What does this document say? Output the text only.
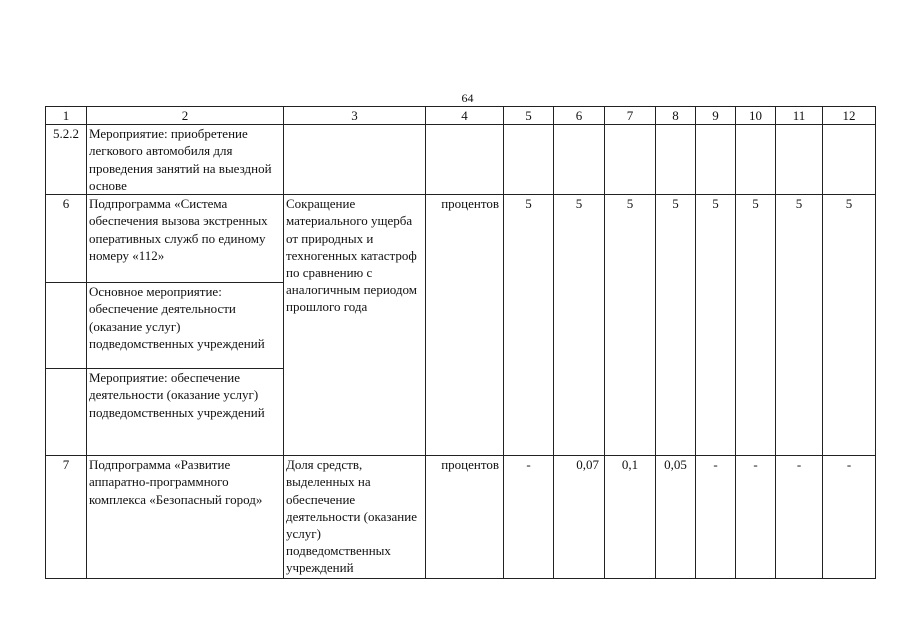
64
1	2	3	4	5	6	7	8	9	10	11	12
5.2.2	Мероприятие: приобретение легкового автомобиля для проведения занятий на выездной основе										
6	Подпрограмма «Система обеспечения вызова экстренных оперативных служб по единому номеру «112»	Сокращение материального ущерба от природных и техногенных катастроф по сравнению с аналогичным периодом прошлого года	процентов	5	5	5	5	5	5	5	5
	Основное мероприятие: обеспечение деятельности (оказание услуг) подведомственных учреждений										
	Мероприятие: обеспечение деятельности (оказание услуг) подведомственных учреждений										
7	Подпрограмма «Развитие аппаратно-программного комплекса «Безопасный город»	Доля средств, выделенных на обеспечение деятельности (оказание услуг) подведомственных учреждений	процентов	-	0,07	0,1	0,05	-	-	-	-
